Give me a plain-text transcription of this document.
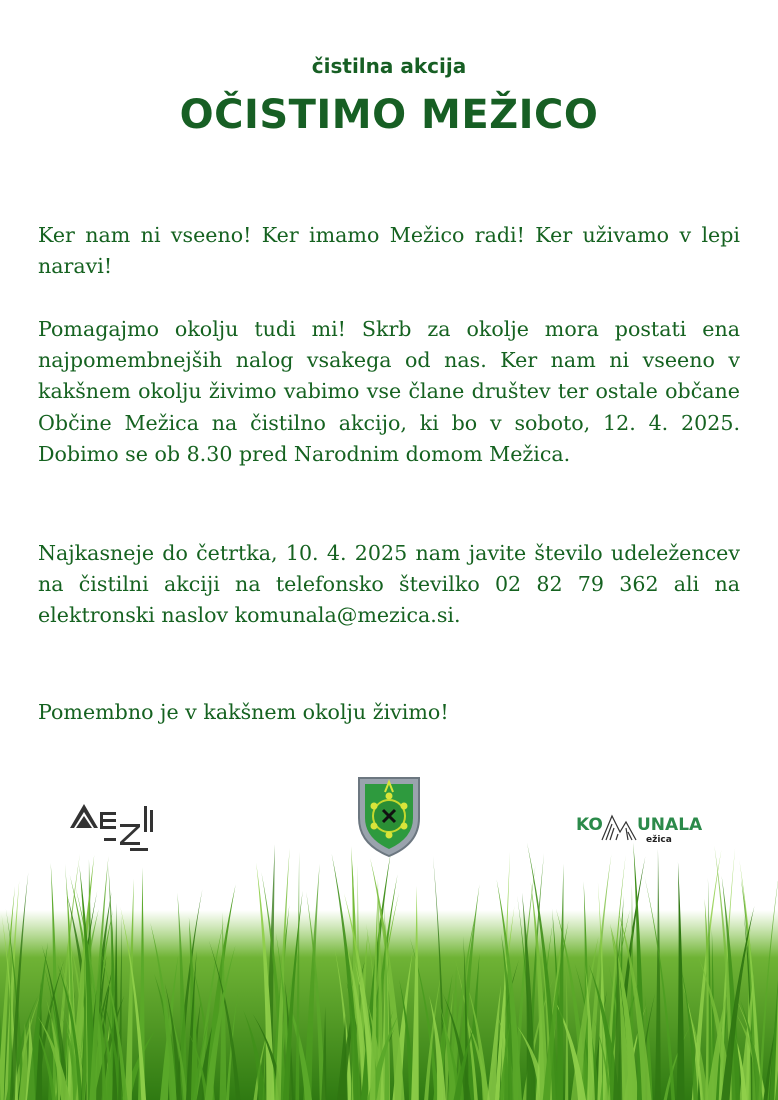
čistilna akcija
OČISTIMO MEŽICO

Ker nam ni vseeno! Ker imamo Mežico radi! Ker uživamo v lepi naravi!

Pomagajmo okolju tudi mi! Skrb za okolje mora postati ena najpomembnejših nalog vsakega od nas. Ker nam ni vseeno v kakšnem okolju živimo vabimo vse člane društev ter ostale občane Občine Mežica na čistilno akcijo, ki bo v soboto, 12. 4. 2025. Dobimo se ob 8.30 pred Narodnim domom Mežica.

Najkasneje do četrtka, 10. 4. 2025 nam javite število udeležencev na čistilni akciji na telefonsko številko 02 82 79 362 ali na elektronski naslov komunala@mezica.si.

Pomembno je v kakšnem okolju živimo!

KO UNALA
ežica
